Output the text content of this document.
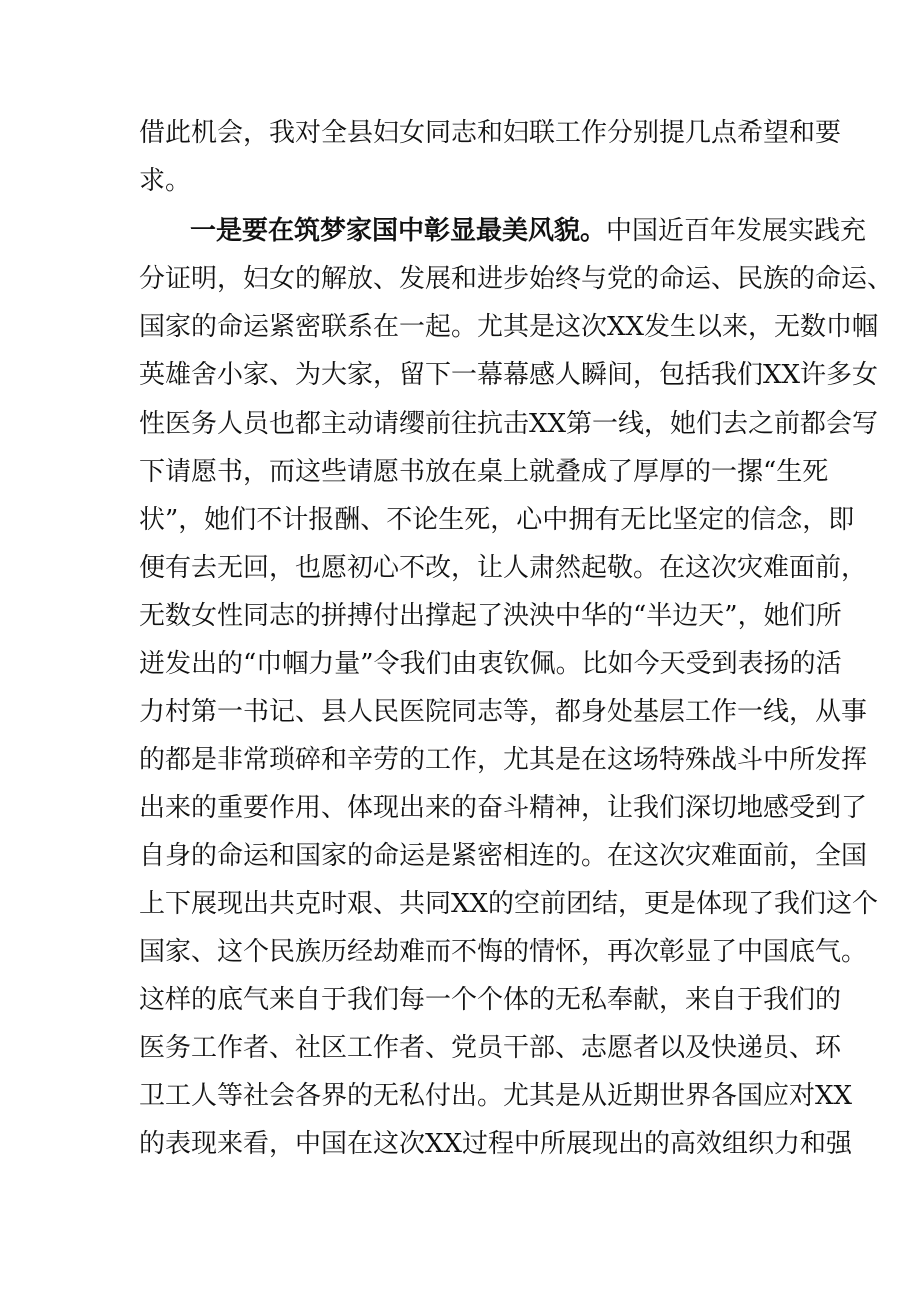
借此机会，我对全县妇女同志和妇联工作分别提几点希望和要
求。
一是要在筑梦家国中彰显最美风貌。中国近百年发展实践充
分证明，妇女的解放、发展和进步始终与党的命运、民族的命运、
国家的命运紧密联系在一起。尤其是这次XX发生以来，无数巾帼
英雄舍小家、为大家，留下一幕幕感人瞬间，包括我们XX许多女
性医务人员也都主动请缨前往抗击XX第一线，她们去之前都会写
下请愿书，而这些请愿书放在桌上就叠成了厚厚的一摞“生死
状”，她们不计报酬、不论生死，心中拥有无比坚定的信念，即
便有去无回，也愿初心不改，让人肃然起敬。在这次灾难面前，
无数女性同志的拼搏付出撑起了泱泱中华的“半边天”，她们所
迸发出的“巾帼力量”令我们由衷钦佩。比如今天受到表扬的活
力村第一书记、县人民医院同志等，都身处基层工作一线，从事
的都是非常琐碎和辛劳的工作，尤其是在这场特殊战斗中所发挥
出来的重要作用、体现出来的奋斗精神，让我们深切地感受到了
自身的命运和国家的命运是紧密相连的。在这次灾难面前，全国
上下展现出共克时艰、共同XX的空前团结，更是体现了我们这个
国家、这个民族历经劫难而不悔的情怀，再次彰显了中国底气。
这样的底气来自于我们每一个个体的无私奉献，来自于我们的
医务工作者、社区工作者、党员干部、志愿者以及快递员、环
卫工人等社会各界的无私付出。尤其是从近期世界各国应对XX
的表现来看，中国在这次XX过程中所展现出的高效组织力和强
